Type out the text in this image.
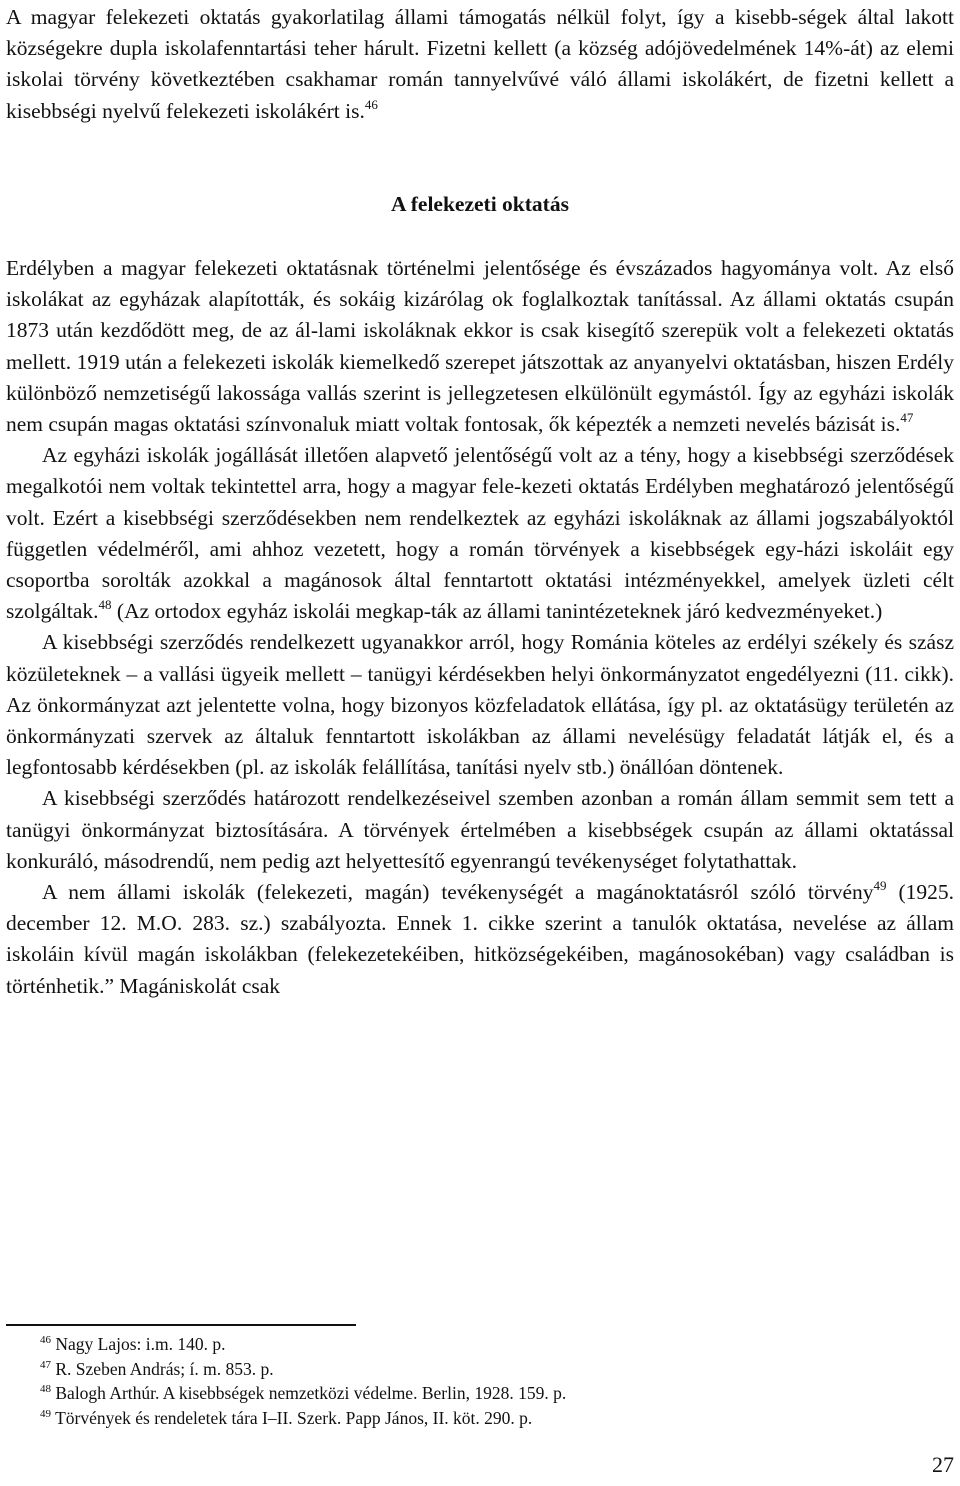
A magyar felekezeti oktatás gyakorlatilag állami támogatás nélkül folyt, így a kisebb-ségek által lakott községekre dupla iskolafenntartási teher hárult. Fizetni kellett (a község adójövedelmének 14%-át) az elemi iskolai törvény következtében csakhamar román tannyelvűvé váló állami iskolákért, de fizetni kellett a kisebbségi nyelvű felekezeti iskolákért is.$^{46}$

A felekezeti oktatás

Erdélyben a magyar felekezeti oktatásnak történelmi jelentősége és évszázados hagyománya volt. Az első iskolákat az egyházak alapították, és sokáig kizárólag ok foglalkoztak tanítással. Az állami oktatás csupán 1873 után kezdődött meg, de az ál-lami iskoláknak ekkor is csak kisegítő szerepük volt a felekezeti oktatás mellett. 1919 után a felekezeti iskolák kiemelkedő szerepet játszottak az anyanyelvi oktatásban, hiszen Erdély különböző nemzetiségű lakossága vallás szerint is jellegzetesen elkülönült egymástól. Így az egyházi iskolák nem csupán magas oktatási színvonaluk miatt voltak fontosak, ők képezték a nemzeti nevelés bázisát is.$^{47}$

Az egyházi iskolák jogállását illetően alapvető jelentőségű volt az a tény, hogy a kisebbségi szerződések megalkotói nem voltak tekintettel arra, hogy a magyar fele-kezeti oktatás Erdélyben meghatározó jelentőségű volt. Ezért a kisebbségi szerződésekben nem rendelkeztek az egyházi iskoláknak az állami jogszabályoktól független védelméről, ami ahhoz vezetett, hogy a román törvények a kisebbségek egy-házi iskoláit egy csoportba sorolták azokkal a magánosok által fenntartott oktatási intézményekkel, amelyek üzleti célt szolgáltak.$^{48}$ (Az ortodox egyház iskolái megkap-ták az állami tanintézeteknek járó kedvezményeket.)

A kisebbségi szerződés rendelkezett ugyanakkor arról, hogy Románia köteles az erdélyi székely és szász közületeknek – a vallási ügyeik mellett – tanügyi kérdésekben helyi önkormányzatot engedélyezni (11. cikk). Az önkormányzat azt jelentette volna, hogy bizonyos közfeladatok ellátása, így pl. az oktatásügy területén az önkormányzati szervek az általuk fenntartott iskolákban az állami nevelésügy feladatát látják el, és a legfontosabb kérdésekben (pl. az iskolák felállítása, tanítási nyelv stb.) önállóan döntenek.

A kisebbségi szerződés határozott rendelkezéseivel szemben azonban a román állam semmit sem tett a tanügyi önkormányzat biztosítására. A törvények értelmében a kisebbségek csupán az állami oktatással konkuráló, másodrendű, nem pedig azt helyettesítő egyenrangú tevékenységet folytathattak.

A nem állami iskolák (felekezeti, magán) tevékenységét a magánoktatásról szóló törvény$^{49}$ (1925. december 12. M.O. 283. sz.) szabályozta. Ennek 1. cikke szerint a tanulók oktatása, nevelése az állam iskoláin kívül magán iskolákban (felekezetekéiben, hitközségekéiben, magánosokéban) vagy családban is történhetik.” Magániskolát csak

$^{46}$ Nagy Lajos: i.m. 140. p.
$^{47}$ R. Szeben András; í. m. 853. p.
$^{48}$ Balogh Arthúr. A kisebbségek nemzetközi védelme. Berlin, 1928. 159. p.
$^{49}$ Törvények és rendeletek tára I–II. Szerk. Papp János, II. köt. 290. p.
27
